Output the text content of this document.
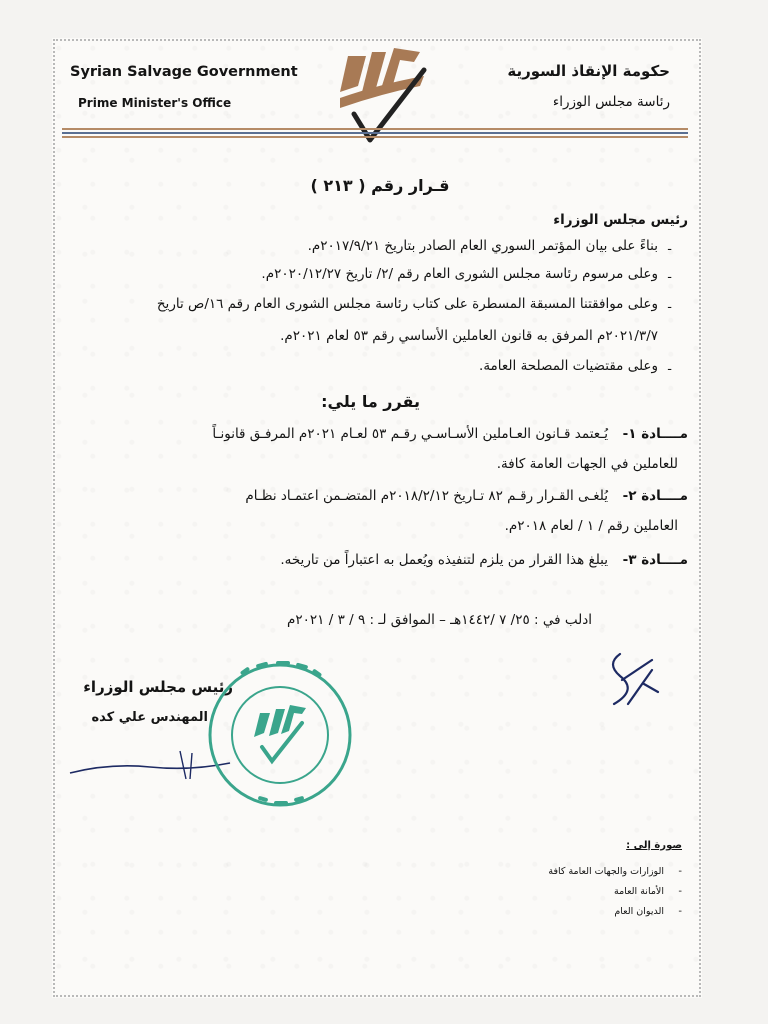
Syrian Salvage Government
Prime Minister's Office
حكومة الإنقاذ السورية
رئاسة مجلس الوزراء
قـرار رقم ( ٢١٣ )
رئيس مجلس الوزراء
-
بناءً على بيان المؤتمر السوري العام الصادر بتاريخ ٢٠١٧/٩/٢١م.
-
وعلى مرسوم رئاسة مجلس الشورى العام رقم /٢/ تاريخ ٢٠٢٠/١٢/٢٧م.
-
وعلى موافقتنا المسبقة المسطرة على كتاب رئاسة مجلس الشورى العام رقم ١٦/ص تاريخ
٢٠٢١/٣/٧م المرفق به قانون العاملين الأساسي رقم ٥٣ لعام ٢٠٢١م.
-
وعلى مقتضيات المصلحة العامة.
يقرر ما يلي:
مــــادة ١-
يُـعتمد قـانون العـاملين الأسـاسـي رقـم ٥٣ لعـام ٢٠٢١م المرفـق قانونـاً
للعاملين في الجهات العامة كافة.
مــــادة ٢-
يُلغـى القـرار رقـم ٨٢ تـاريخ ٢٠١٨/٢/١٢م المتضـمن اعتمـاد نظـام
العاملين رقم / ١ / لعام ٢٠١٨م.
مــــادة ٣-
يبلغ هذا القرار من يلزم لتنفيذه ويُعمل به اعتباراً من تاريخه.
ادلب في : ٢٥/ ٧ /١٤٤٢هـ – الموافق لـ : ٩ / ٣ / ٢٠٢١م
رئيس مجلس الوزراء
المهندس علي كده
صورة إلى :
-
الوزارات والجهات العامة كافة
-
الأمانة العامة
-
الديوان العام
